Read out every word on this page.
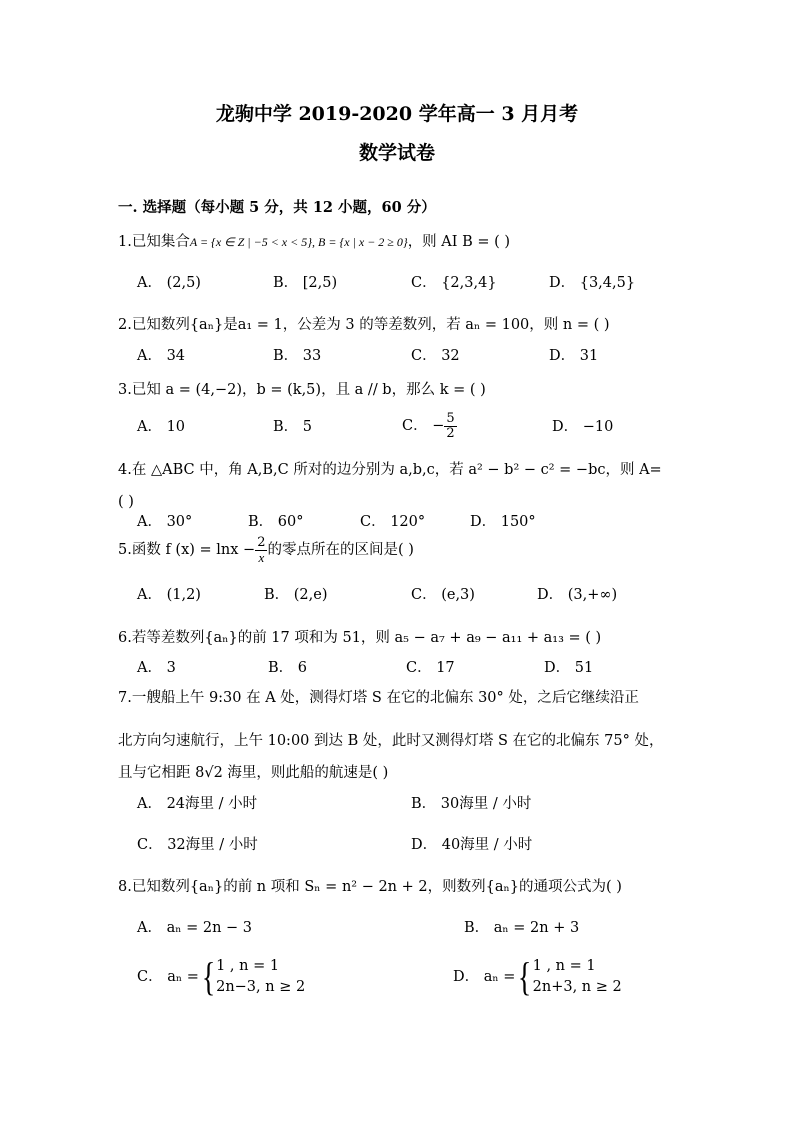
龙驹中学 2019-2020 学年高一 3 月月考
数学试卷
一. 选择题（每小题 5 分，共 12 小题，60 分）
1.已知集合A = {x ∈ Z | −5 < x < 5}, B = {x | x − 2 ≥ 0}，则 AI B = ( )
A． (2,5)	B． [2,5)	C． {2,3,4}	D． {3,4,5}
2.已知数列{aₙ}是a₁ = 1，公差为 3 的等差数列，若 aₙ = 100，则 n = ( )
A． 34	B． 33	C． 32	D． 31
3.已知 a = (4,−2)，b = (k,5)，且 a // b，那么 k = ( )
A． 10	B． 5	C． − $\frac{5}{2}$	D． −10
4.在 △ABC 中，角 A,B,C 所对的边分别为 a,b,c，若 a² − b² − c² = −bc，则 A=
( )
A． 30°	B． 60°	C． 120°	D． 150°
5.函数 f $(x) = \ln x - \frac{2}{x}$ 的零点所在的区间是( )
A． (1,2)	B． (2,e)	C． (e,3)	D． (3,+∞)
6.若等差数列{aₙ}的前 17 项和为 51，则 a₅ − a₇ + a₉ − a₁₁ + a₁₃ = ( )
A． 3	B． 6	C． 17	D． 51
7.一艘船上午 9:30 在 A 处，测得灯塔 S 在它的北偏东 30° 处，之后它继续沿正
北方向匀速航行，上午 10:00 到达 B 处，此时又测得灯塔 S 在它的北偏东 75° 处，
且与它相距 8√2 海里，则此船的航速是( )
A． 24海里 / 小时	B． 30海里 / 小时
C． 32海里 / 小时	D． 40海里 / 小时
8.已知数列{aₙ}的前 n 项和 Sₙ = n² − 2n + 2，则数列{aₙ}的通项公式为( )
A． aₙ = 2n − 3	B． aₙ = 2n + 3
C． aₙ ={ 1 , n = 1
2n−3, n ≥ 2
D． aₙ ={ 1 , n = 1
2n+3, n ≥ 2
